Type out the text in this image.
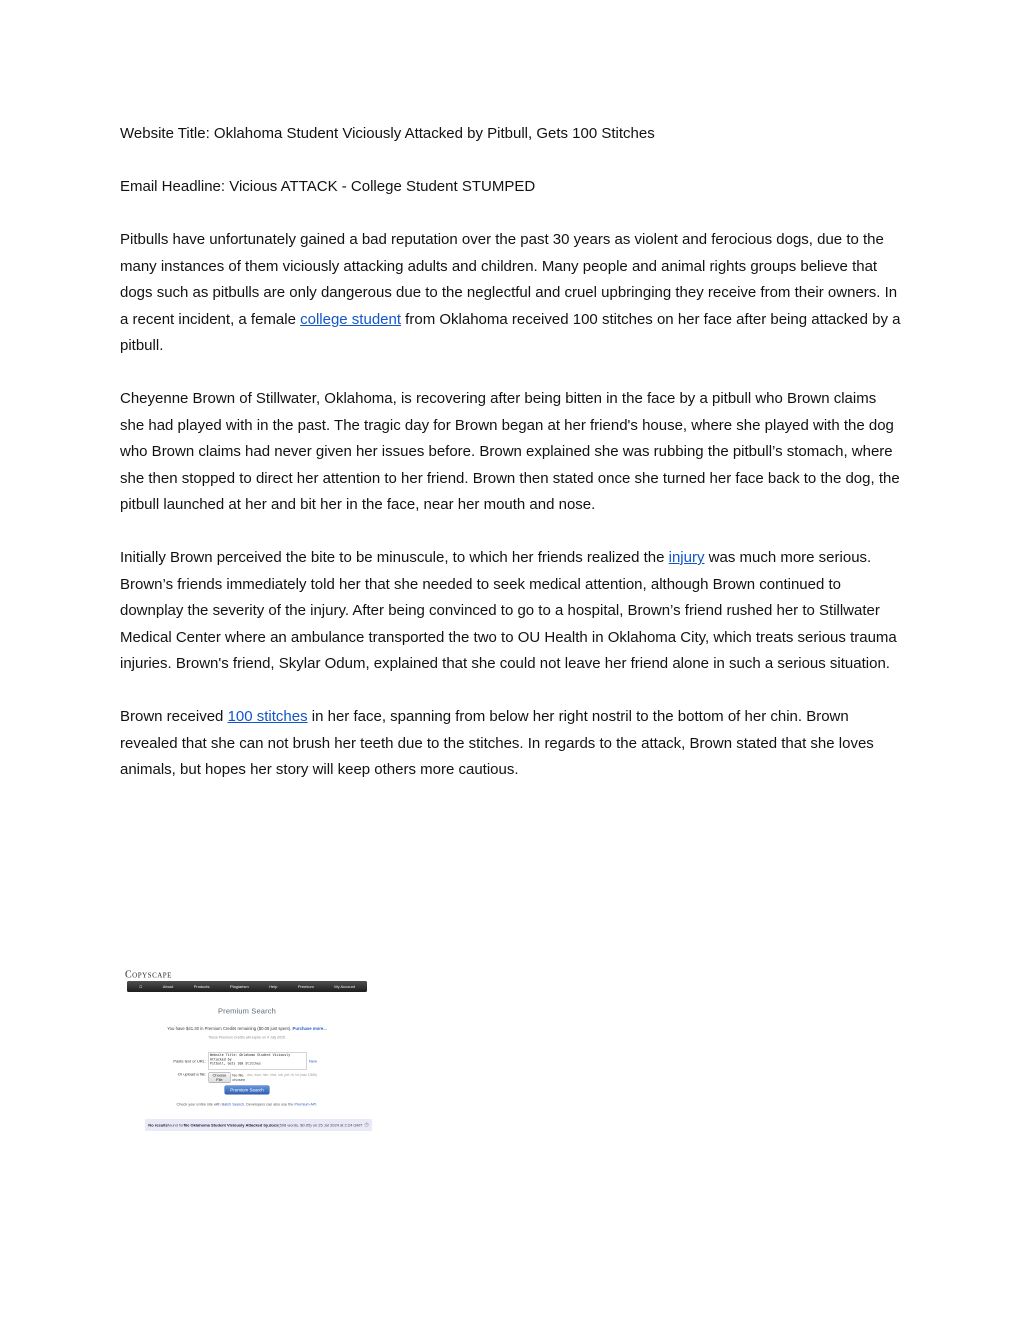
Website Title: Oklahoma Student Viciously Attacked by Pitbull, Gets 100 Stitches

Email Headline: Vicious ATTACK - College Student STUMPED

Pitbulls have unfortunately gained a bad reputation over the past 30 years as violent and ferocious dogs, due to the many instances of them viciously attacking adults and children. Many people and animal rights groups believe that dogs such as pitbulls are only dangerous due to the neglectful and cruel upbringing they receive from their owners. In a recent incident, a female college student from Oklahoma received 100 stitches on her face after being attacked by a pitbull.

Cheyenne Brown of Stillwater, Oklahoma, is recovering after being bitten in the face by a pitbull who Brown claims she had played with in the past. The tragic day for Brown began at her friend's house, where she played with the dog who Brown claims had never given her issues before. Brown explained she was rubbing the pitbull’s stomach, where she then stopped to direct her attention to her friend. Brown then stated once she turned her face back to the dog, the pitbull launched at her and bit her in the face, near her mouth and nose.

Initially Brown perceived the bite to be minuscule, to which her friends realized the injury was much more serious. Brown’s friends immediately told her that she needed to seek medical attention, although Brown continued to downplay the severity of the injury. After being convinced to go to a hospital, Brown’s friend rushed her to Stillwater Medical Center where an ambulance transported the two to OU Health in Oklahoma City, which treats serious trauma injuries. Brown's friend, Skylar Odum, explained that she could not leave her friend alone in such a serious situation.

Brown received 100 stitches in her face, spanning from below her right nostril to the bottom of her chin. Brown revealed that she can not brush her teeth due to the stitches. In regards to the attack, Brown stated that she loves animals, but hopes her story will keep others more cautious.

Copyscape
⌂	About	Products	Plagiarism	Help	Premium	My Account
Premium Search
You have $41.30 in Premium Credits remaining ($0.05 just spent). Purchase more...
These Premium Credits will expire on 4 July 2025.
Paste text or URL:
Website Title: Oklahoma Student Viciously Attacked by Pitbull, Gets 100 Stitches Email Headline: Vicious ATTACK - College Student STUMPED	New
Or upload a file: Choose File
No file chosen
doc, docx, htm, html, odt, pdf, rtf, txt (max 10Mb)
Premium Search
Check your entire site with Batch Search. Developers can also use the Premium API.
No results found for file Oklahoma Student Viciously Attacked by.docx (508 words, $0.05) on 25 Jul 2024 at 2:24 GMT ◷
